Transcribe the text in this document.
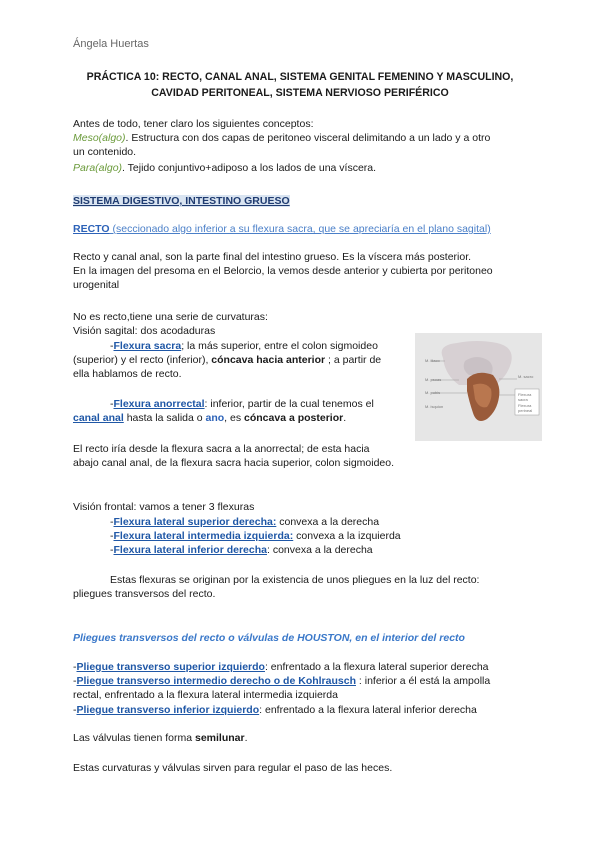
Ángela Huertas
PRÁCTICA 10: RECTO, CANAL ANAL, SISTEMA GENITAL FEMENINO Y MASCULINO,
CAVIDAD PERITONEAL, SISTEMA NERVIOSO PERIFÉRICO
Antes de todo, tener claro los siguientes conceptos:
Meso(algo). Estructura con dos capas de peritoneo visceral delimitando a un lado y a otro
un contenido.
Para(algo). Tejido conjuntivo+adiposo a los lados de una víscera.
SISTEMA DIGESTIVO, INTESTINO GRUESO
RECTO (seccionado algo inferior a su flexura sacra, que se apreciaría en el plano sagital)
Recto y canal anal, son la parte final del intestino grueso. Es la víscera más posterior.
En la imagen del presoma en el Belorcio, la vemos desde anterior y cubierta por peritoneo
urogenital
No es recto,tiene una serie de curvaturas:
Visión sagital: dos acodaduras
-Flexura sacra; la más superior, entre el colon sigmoideo
(superior) y el recto (inferior), cóncava hacia anterior ; a partir de
ella hablamos de recto.
-Flexura anorrectal: inferior, partir de la cual tenemos el
canal anal hasta la salida o ano, es cóncava a posterior.
M. iliaco
M. sacro
M. psoas
Flexura sacra
M. pubis
Flexura perineal
M. isquion
El recto iría desde la flexura sacra a la anorrectal; de esta hacia
abajo canal anal, de la flexura sacra hacia superior, colon sigmoideo.
Visión frontal: vamos a tener 3 flexuras
-Flexura lateral superior derecha: convexa a la derecha
-Flexura lateral intermedia izquierda: convexa a la izquierda
-Flexura lateral inferior derecha: convexa a la derecha
Estas flexuras se originan por la existencia de unos pliegues en la luz del recto:
pliegues transversos del recto.
Pliegues transversos del recto o válvulas de HOUSTON, en el interior del recto
-Pliegue transverso superior izquierdo: enfrentado a la flexura lateral superior derecha
-Pliegue transverso intermedio derecho o de Kohlrausch : inferior a él está la ampolla
rectal, enfrentado a la flexura lateral intermedia izquierda
-Pliegue transverso inferior izquierdo: enfrentado a la flexura lateral inferior derecha
Las válvulas tienen forma semilunar.
Estas curvaturas y válvulas sirven para regular el paso de las heces.
